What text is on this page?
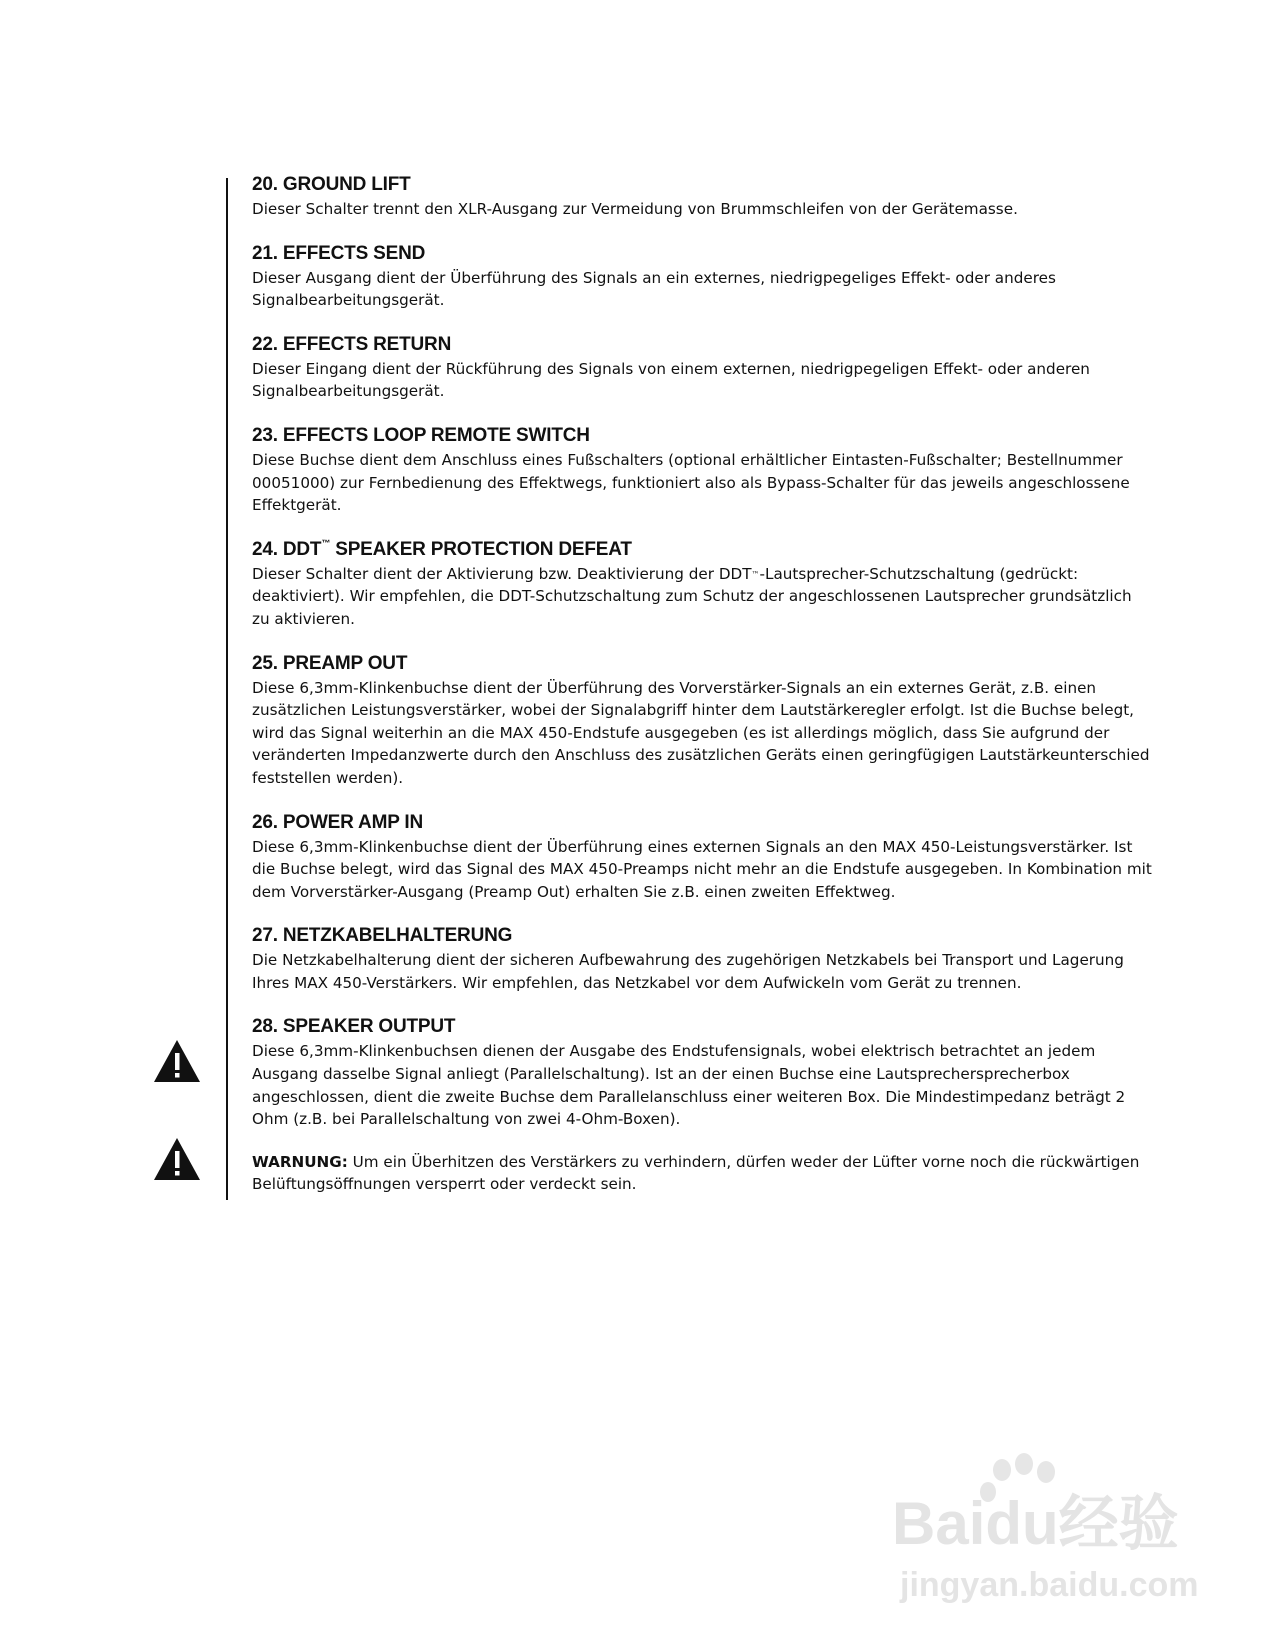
20. GROUND LIFT

Dieser Schalter trennt den XLR-Ausgang zur Vermeidung von Brummschleifen von der Gerätemasse.

21. EFFECTS SEND

Dieser Ausgang dient der Überführung des Signals an ein externes, niedrigpegeliges Effekt- oder anderes Signalbearbeitungsgerät.

22. EFFECTS RETURN

Dieser Eingang dient der Rückführung des Signals von einem externen, niedrigpegeligen Effekt- oder anderen Signalbearbeitungsgerät.

23. EFFECTS LOOP REMOTE SWITCH

Diese Buchse dient dem Anschluss eines Fußschalters (optional erhältlicher Eintasten-Fußschalter; Bestellnummer 00051000) zur Fernbedienung des Effektwegs, funktioniert also als Bypass-Schalter für das jeweils angeschlossene Effektgerät.

24. DDT™ SPEAKER PROTECTION DEFEAT

Dieser Schalter dient der Aktivierung bzw. Deaktivierung der DDT™-Lautsprecher-Schutzschaltung (gedrückt: deaktiviert). Wir empfehlen, die DDT-Schutzschaltung zum Schutz der angeschlossenen Lautsprecher grundsätzlich zu aktivieren.

25. PREAMP OUT

Diese 6,3mm-Klinkenbuchse dient der Überführung des Vorverstärker-Signals an ein externes Gerät, z.B. einen zusätzlichen Leistungsverstärker, wobei der Signalabgriff hinter dem Lautstärkeregler erfolgt. Ist die Buchse belegt, wird das Signal weiterhin an die MAX 450-Endstufe ausgegeben (es ist allerdings möglich, dass Sie aufgrund der veränderten Impedanzwerte durch den Anschluss des zusätzlichen Geräts einen geringfügigen Lautstärkeunterschied feststellen werden).

26. POWER AMP IN

Diese 6,3mm-Klinkenbuchse dient der Überführung eines externen Signals an den MAX 450-Leistungsverstärker. Ist die Buchse belegt, wird das Signal des MAX 450-Preamps nicht mehr an die Endstufe ausgegeben. In Kombination mit dem Vorverstärker-Ausgang (Preamp Out) erhalten Sie z.B. einen zweiten Effektweg.

27. NETZKABELHALTERUNG

Die Netzkabelhalterung dient der sicheren Aufbewahrung des zugehörigen Netzkabels bei Transport und Lagerung Ihres MAX 450-Verstärkers. Wir empfehlen, das Netzkabel vor dem Aufwickeln vom Gerät zu trennen.

28. SPEAKER OUTPUT

Diese 6,3mm-Klinkenbuchsen dienen der Ausgabe des Endstufensignals, wobei elektrisch betrachtet an jedem Ausgang dasselbe Signal anliegt (Parallelschaltung). Ist an der einen Buchse eine Lautsprechersprecherbox angeschlossen, dient die zweite Buchse dem Parallelanschluss einer weiteren Box. Die Mindestimpedanz beträgt 2 Ohm (z.B. bei Parallelschaltung von zwei 4-Ohm-Boxen).

WARNUNG: Um ein Überhitzen des Verstärkers zu verhindern, dürfen weder der Lüfter vorne noch die rückwärtigen Belüftungsöffnungen versperrt oder verdeckt sein.

Baidu经验
jingyan.baidu.com
